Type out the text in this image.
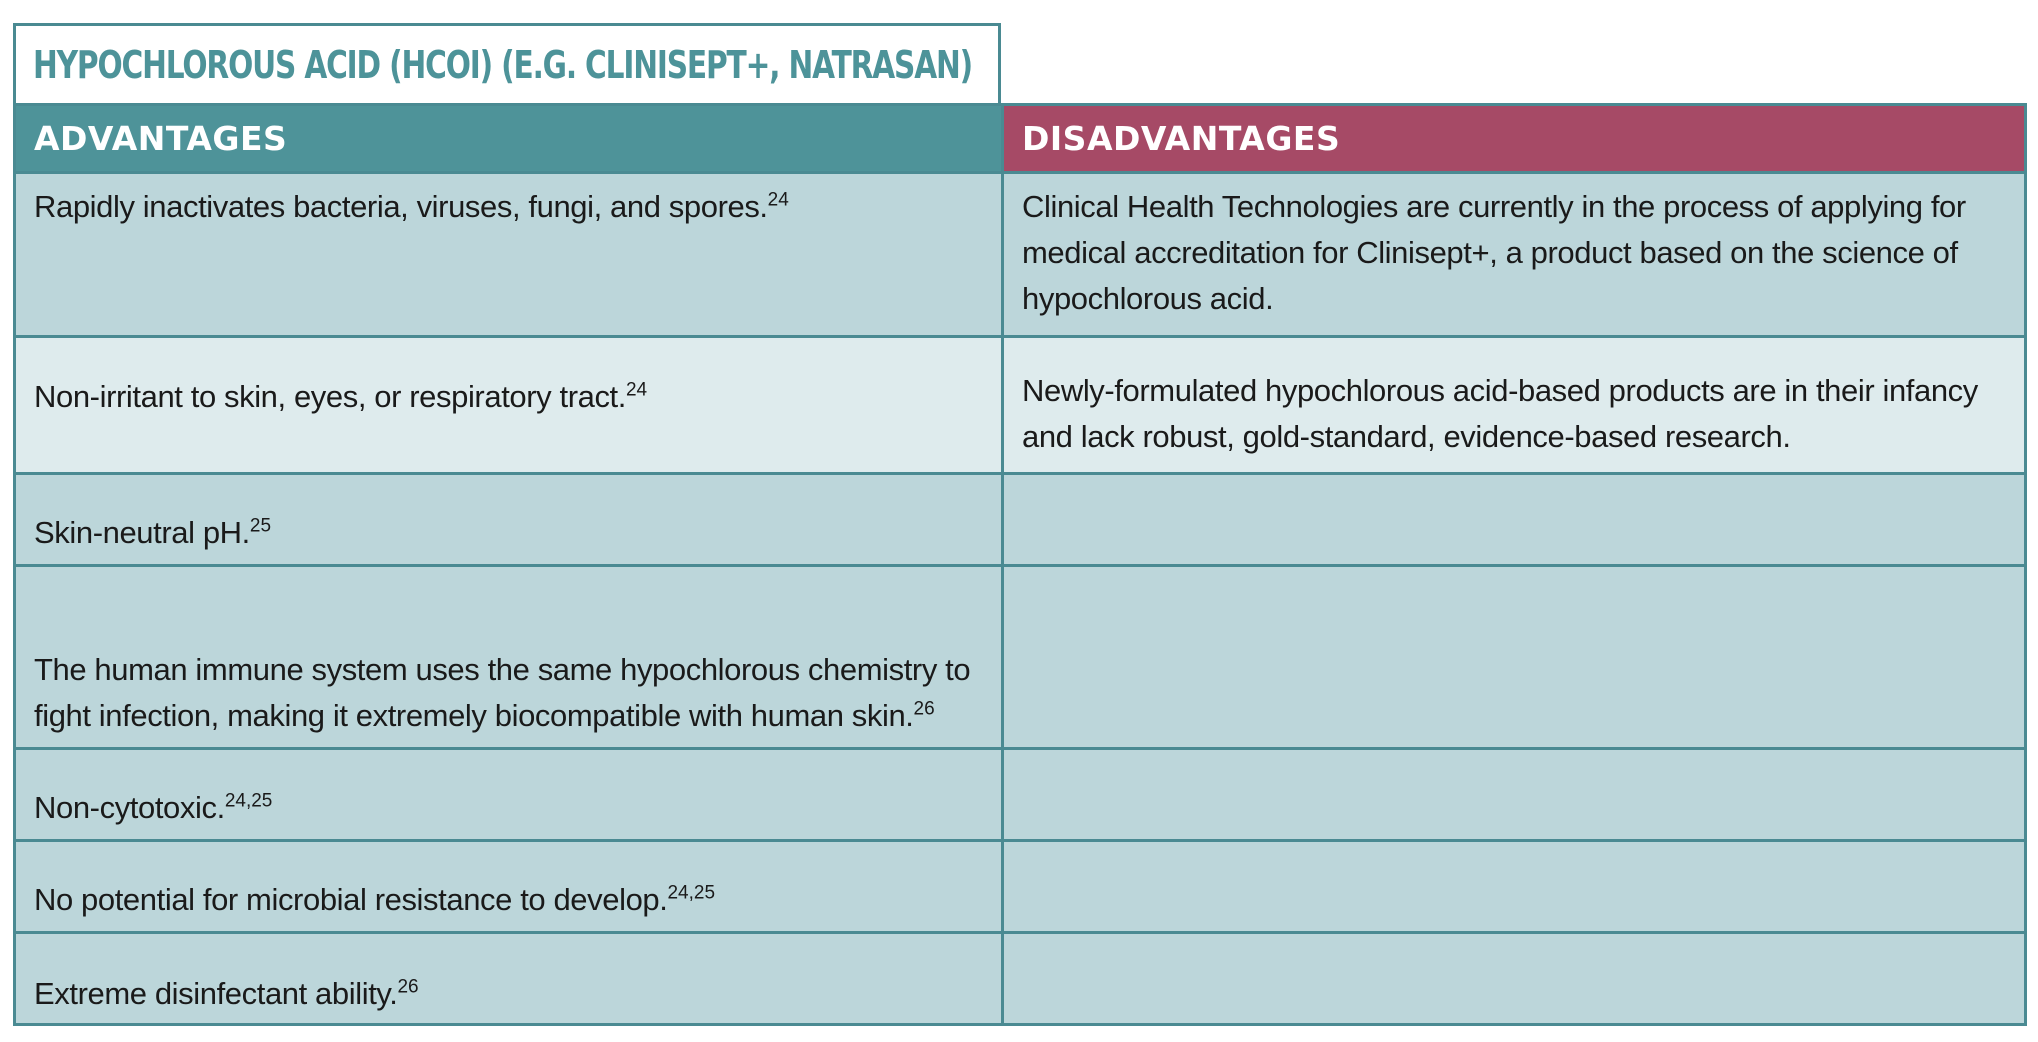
HYPOCHLOROUS ACID (HCOI) (E.G. CLINISEPT+, NATRASAN)
ADVANTAGES	DISADVANTAGES

Rapidly inactivates bacteria, viruses, fungi, and spores.$^{24}$	Clinical Health Technologies are currently in the process of applying for medical accreditation for Clinisept+, a product based on the science of hypochlorous acid.

Non-irritant to skin, eyes, or respiratory tract.$^{24}$	Newly-formulated hypochlorous acid-based products are in their infancy and lack robust, gold-standard, evidence-based research.

Skin-neutral pH.$^{25}$

The human immune system uses the same hypochlorous chemistry to fight infection, making it extremely biocompatible with human skin.$^{26}$

Non-cytotoxic.$^{24,25}$

No potential for microbial resistance to develop.$^{24,25}$

Extreme disinfectant ability.$^{26}$
